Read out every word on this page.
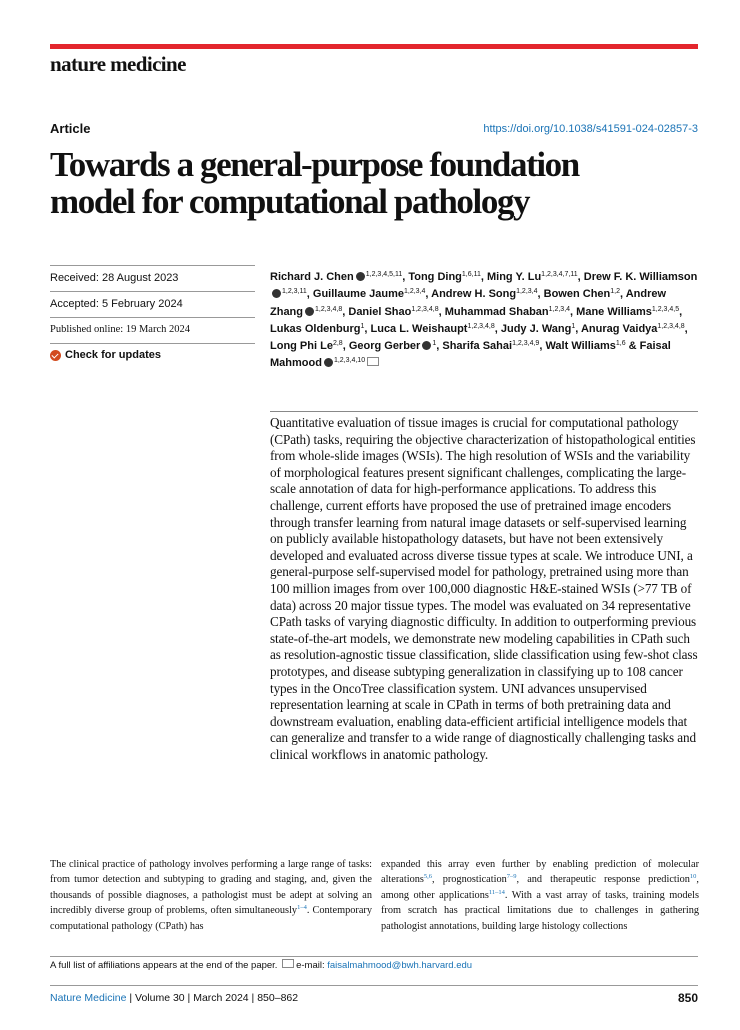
nature medicine
Article	https://doi.org/10.1038/s41591-024-02857-3
Towards a general-purpose foundation
model for computational pathology
Received: 28 August 2023
Accepted: 5 February 2024
Published online: 19 March 2024
Check for updates
Richard J. Chen $^{1,2,3,4,5,11}$, Tong Ding$^{1,6,11}$, Ming Y. Lu$^{1,2,3,4,7,11}$, Drew F. K. Williamson$^{1,2,3,11}$, Guillaume Jaume$^{1,2,3,4}$, Andrew H. Song$^{1,2,3,4}$, Bowen Chen$^{1,2}$, Andrew Zhang $^{1,2,3,4,8}$, Daniel Shao$^{1,2,3,4,8}$, Muhammad Shaban$^{1,2,3,4}$, Mane Williams$^{1,2,3,4,5}$, Lukas Oldenburg$^1$, Luca L. Weishaupt$^{1,2,3,4,8}$, Judy J. Wang$^1$, Anurag Vaidya$^{1,2,3,4,8}$, Long Phi Le$^{2,8}$, Georg Gerber $^1$, Sharifa Sahai$^{1,2,3,4,9}$, Walt Williams$^{1,6}$ & Faisal Mahmood $^{1,2,3,4,10}$
Quantitative evaluation of tissue images is crucial for computational pathology (CPath) tasks, requiring the objective characterization of histopathological entities from whole-slide images (WSIs). The high resolution of WSIs and the variability of morphological features present significant challenges, complicating the large-scale annotation of data for high-performance applications. To address this challenge, current efforts have proposed the use of pretrained image encoders through transfer learning from natural image datasets or self-supervised learning on publicly available histopathology datasets, but have not been extensively developed and evaluated across diverse tissue types at scale. We introduce UNI, a general-purpose self-supervised model for pathology, pretrained using more than 100 million images from over 100,000 diagnostic H&E-stained WSIs (>77 TB of data) across 20 major tissue types. The model was evaluated on 34 representative CPath tasks of varying diagnostic difficulty. In addition to outperforming previous state-of-the-art models, we demonstrate new modeling capabilities in CPath such as resolution-agnostic tissue classification, slide classification using few-shot class prototypes, and disease subtyping generalization in classifying up to 108 cancer types in the OncoTree classification system. UNI advances unsupervised representation learning at scale in CPath in terms of both pretraining data and downstream evaluation, enabling data-efficient artificial intelligence models that can generalize and transfer to a wide range of diagnostically challenging tasks and clinical workflows in anatomic pathology.
The clinical practice of pathology involves performing a large range of tasks: from tumor detection and subtyping to grading and staging, and, given the thousands of possible diagnoses, a pathologist must be adept at solving an incredibly diverse group of problems, often simultaneously$^{1-4}$. Contemporary computational pathology (CPath) has
expanded this array even further by enabling prediction of molecular alterations$^{5,6}$, prognostication$^{7-9}$, and therapeutic response prediction$^{10}$, among other applications$^{11-14}$. With a vast array of tasks, training models from scratch has practical limitations due to challenges in gathering pathologist annotations, building large histology collections
A full list of affiliations appears at the end of the paper. e-mail: faisalmahmood@bwh.harvard.edu
Nature Medicine | Volume 30 | March 2024 | 850–862	850
